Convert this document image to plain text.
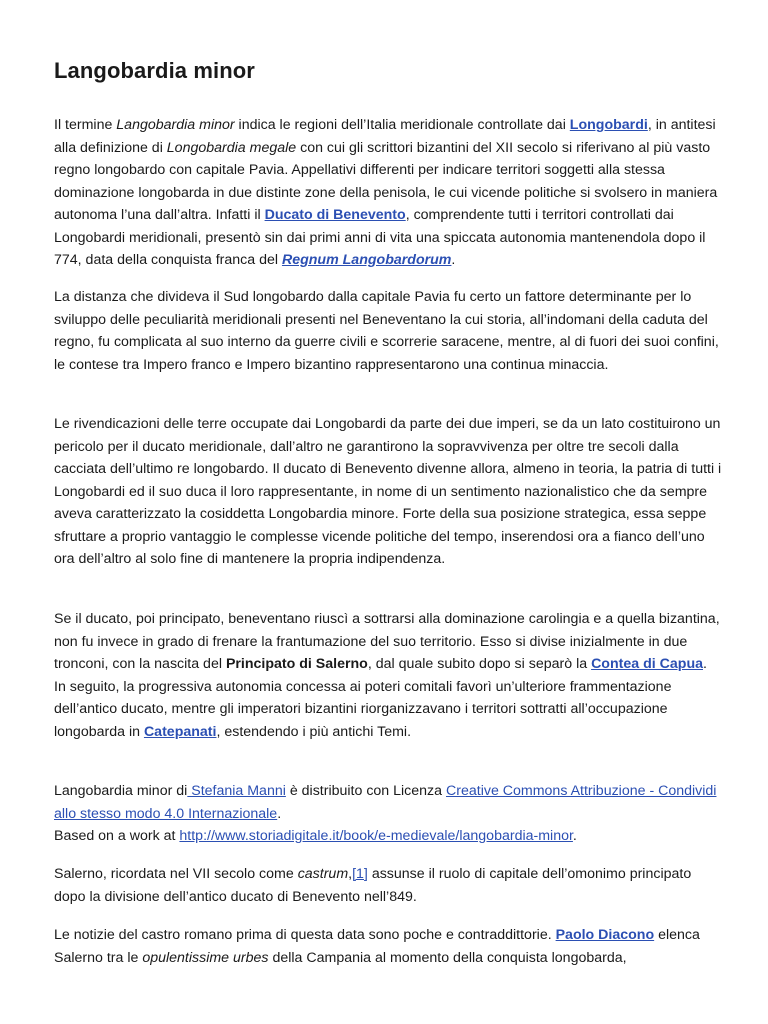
Langobardia minor

Il termine Langobardia minor indica le regioni dell’Italia meridionale controllate dai Longobardi, in antitesi alla definizione di Longobardia megale con cui gli scrittori bizantini del XII secolo si riferivano al più vasto regno longobardo con capitale Pavia. Appellativi differenti per indicare territori soggetti alla stessa dominazione longobarda in due distinte zone della penisola, le cui vicende politiche si svolsero in maniera autonoma l’una dall’altra. Infatti il Ducato di Benevento, comprendente tutti i territori controllati dai Longobardi meridionali, presentò sin dai primi anni di vita una spiccata autonomia mantenendola dopo il 774, data della conquista franca del Regnum Langobardorum.

La distanza che divideva il Sud longobardo dalla capitale Pavia fu certo un fattore determinante per lo sviluppo delle peculiarità meridionali presenti nel Beneventano la cui storia, all’indomani della caduta del regno, fu complicata al suo interno da guerre civili e scorrerie saracene, mentre, al di fuori dei suoi confini, le contese tra Impero franco e Impero bizantino rappresentarono una continua minaccia.

Le rivendicazioni delle terre occupate dai Longobardi da parte dei due imperi, se da un lato costituirono un pericolo per il ducato meridionale, dall’altro ne garantirono la sopravvivenza per oltre tre secoli dalla cacciata dell’ultimo re longobardo. Il ducato di Benevento divenne allora, almeno in teoria, la patria di tutti i Longobardi ed il suo duca il loro rappresentante, in nome di un sentimento nazionalistico che da sempre aveva caratterizzato la cosiddetta Longobardia minore. Forte della sua posizione strategica, essa seppe sfruttare a proprio vantaggio le complesse vicende politiche del tempo, inserendosi ora a fianco dell’uno ora dell’altro al solo fine di mantenere la propria indipendenza.

Se il ducato, poi principato, beneventano riuscì a sottrarsi alla dominazione carolingia e a quella bizantina, non fu invece in grado di frenare la frantumazione del suo territorio. Esso si divise inizialmente in due tronconi, con la nascita del Principato di Salerno, dal quale subito dopo si separò la Contea di Capua. In seguito, la progressiva autonomia concessa ai poteri comitali favorì un’ulteriore frammentazione dell’antico ducato, mentre gli imperatori bizantini riorganizzavano i territori sottratti all’occupazione longobarda in Catepanati, estendendo i più antichi Temi.

Langobardia minor di Stefania Manni è distribuito con Licenza Creative Commons Attribuzione - Condividi allo stesso modo 4.0 Internazionale.
Based on a work at http://www.storiadigitale.it/book/e-medievale/langobardia-minor.

Salerno, ricordata nel VII secolo come castrum,[1] assunse il ruolo di capitale dell’omonimo principato dopo la divisione dell’antico ducato di Benevento nell’849.

Le notizie del castro romano prima di questa data sono poche e contraddittorie. Paolo Diacono elenca Salerno tra le opulentissime urbes della Campania al momento della conquista longobarda,
